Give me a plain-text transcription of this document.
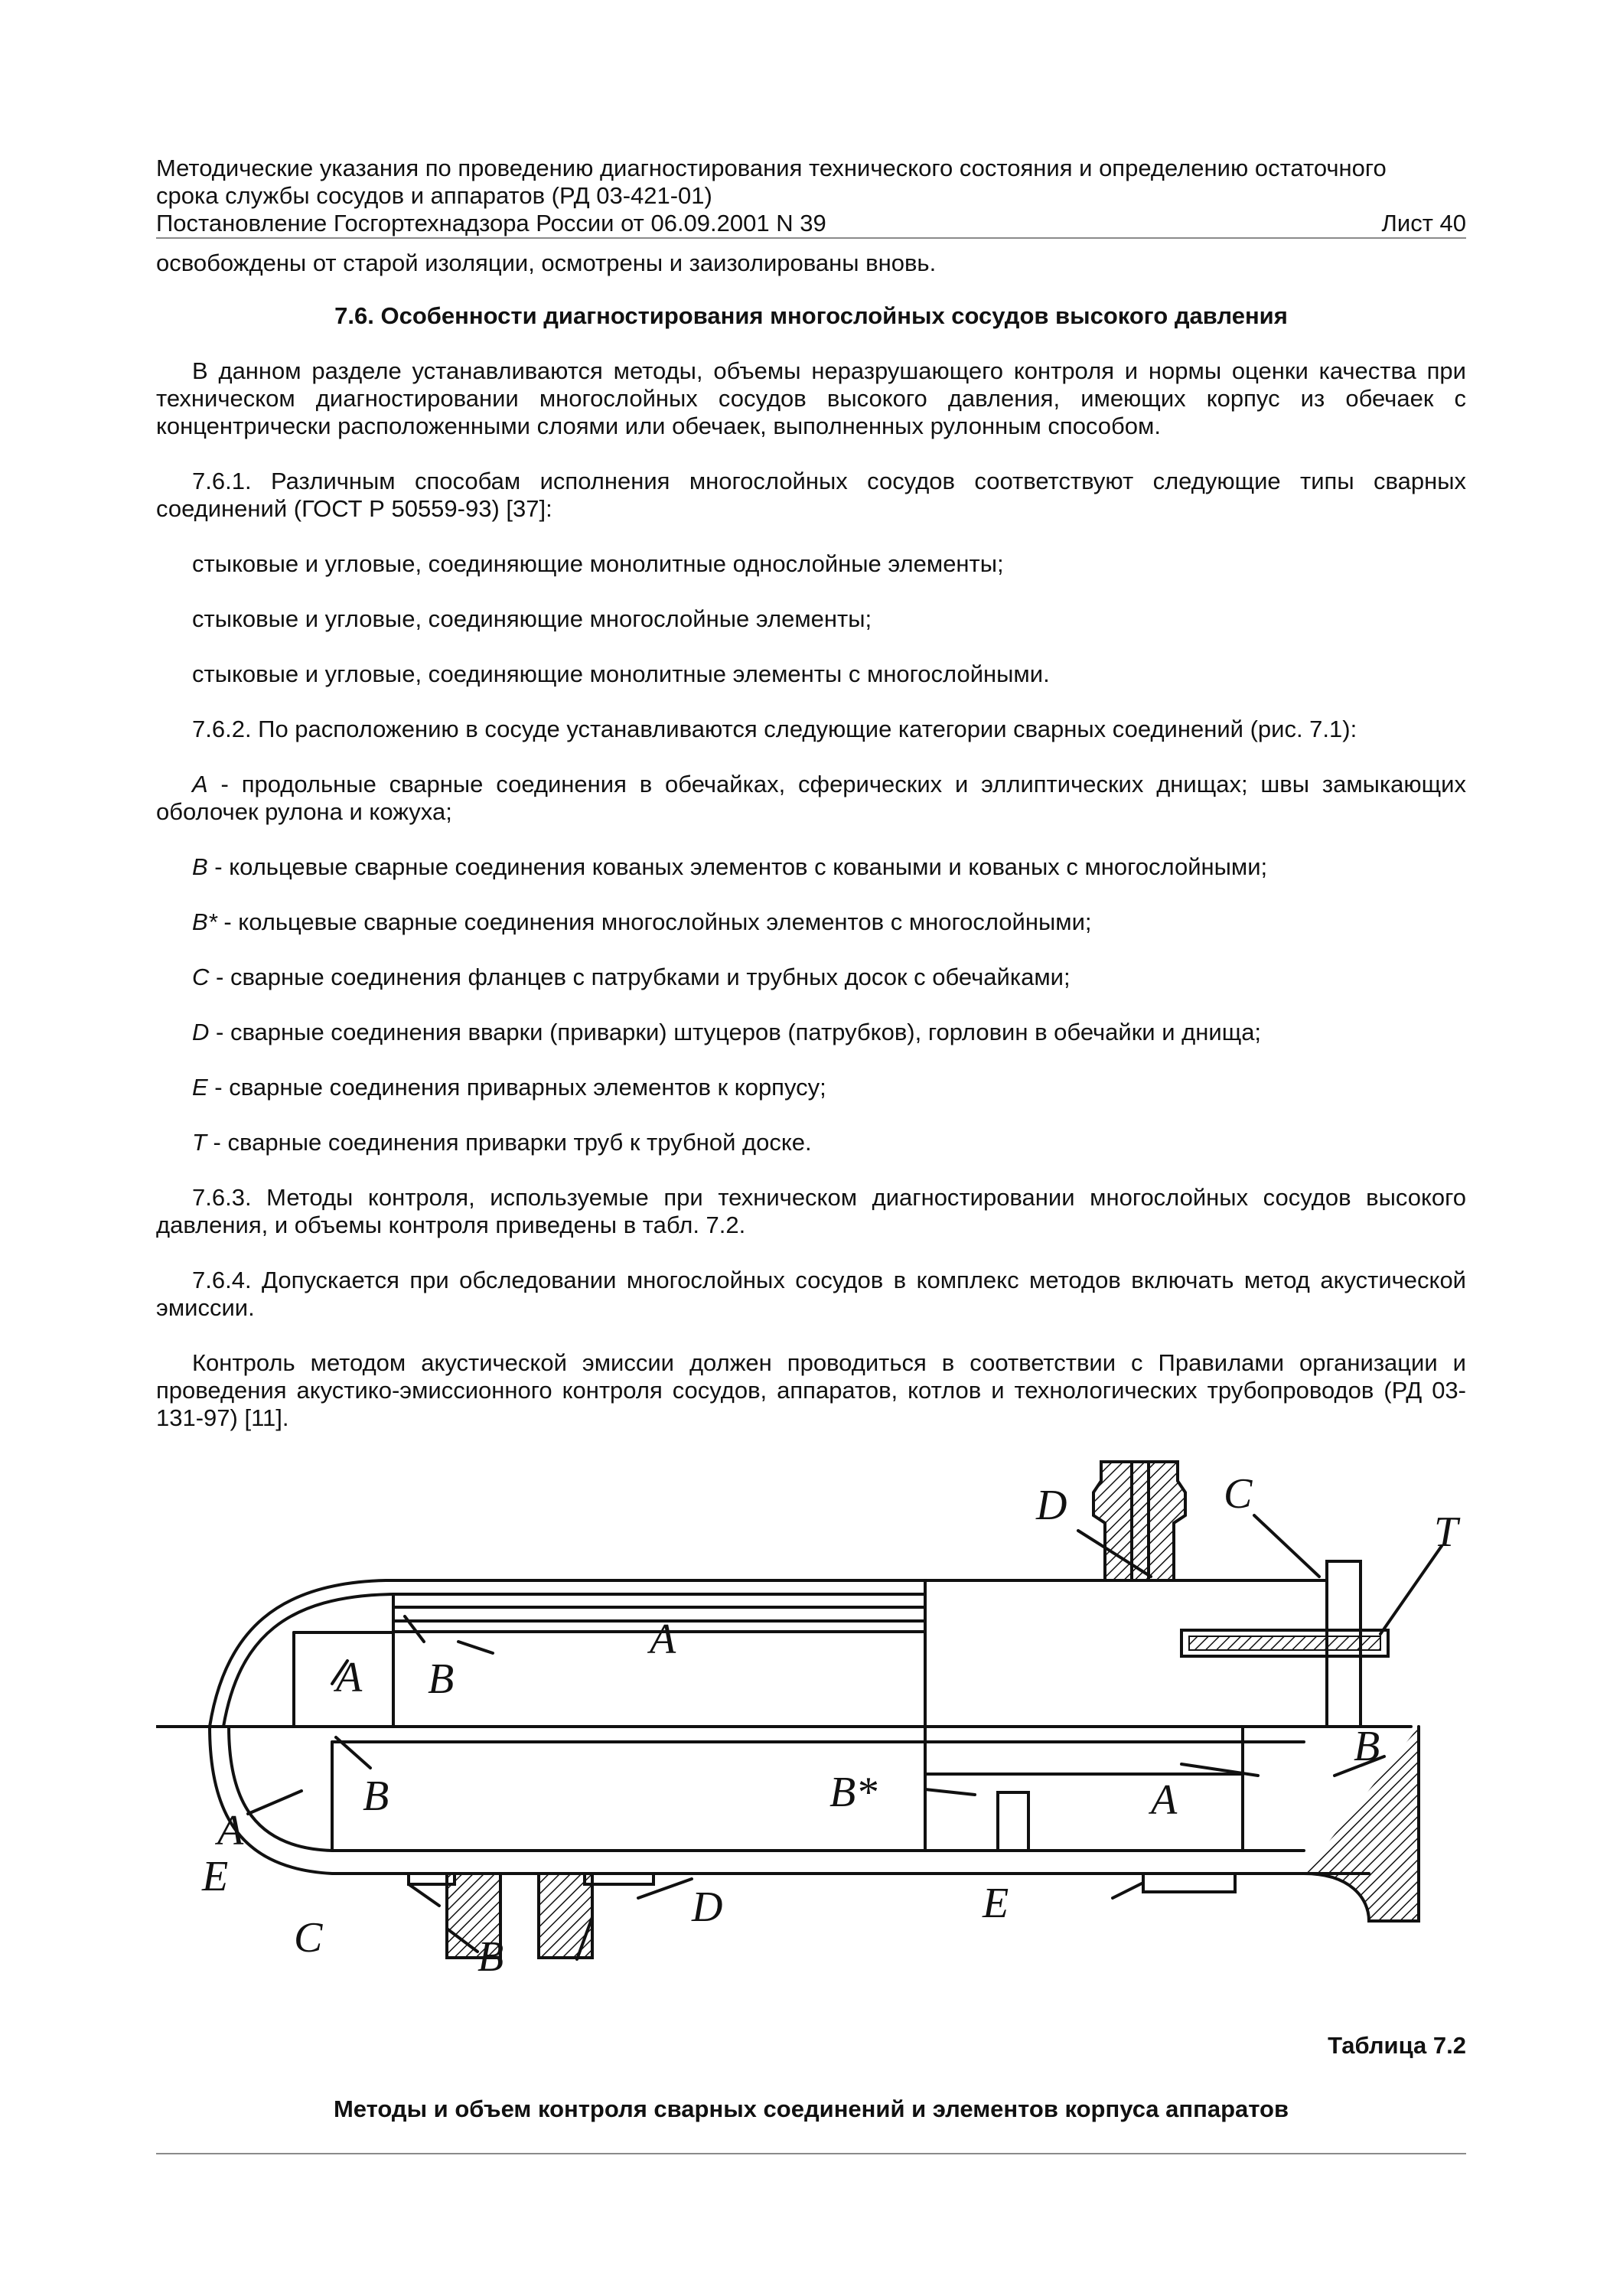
Методические указания по проведению диагностирования технического состояния и определению остаточного
срока службы сосудов и аппаратов (РД 03-421-01)
Постановление Госгортехнадзора России от 06.09.2001 N 39	Лист 40

освобождены от старой изоляции, осмотрены и заизолированы вновь.

7.6. Особенности диагностирования многослойных сосудов высокого давления

В данном разделе устанавливаются методы, объемы неразрушающего контроля и нормы оценки качества при техническом диагностировании многослойных сосудов высокого давления, имеющих корпус из обечаек с концентрически расположенными слоями или обечаек, выполненных рулонным способом.

7.6.1. Различным способам исполнения многослойных сосудов соответствуют следующие типы сварных соединений (ГОСТ Р 50559-93) [37]:

стыковые и угловые, соединяющие монолитные однослойные элементы;

стыковые и угловые, соединяющие многослойные элементы;

стыковые и угловые, соединяющие монолитные элементы с многослойными.

7.6.2. По расположению в сосуде устанавливаются следующие категории сварных соединений (рис. 7.1):

A - продольные сварные соединения в обечайках, сферических и эллиптических днищах; швы замыкающих оболочек рулона и кожуха;

B - кольцевые сварные соединения кованых элементов с коваными и кованых с многослойными;

B* - кольцевые сварные соединения многослойных элементов с многослойными;

C - сварные соединения фланцев с патрубками и трубных досок с обечайками;

D - сварные соединения вварки (приварки) штуцеров (патрубков), горловин в обечайки и днища;

E - сварные соединения приварных элементов к корпусу;

T - сварные соединения приварки труб к трубной доске.

7.6.3. Методы контроля, используемые при техническом диагностировании многослойных сосудов высокого давления, и объемы контроля приведены в табл. 7.2.

7.6.4. Допускается при обследовании многослойных сосудов в комплекс методов включать метод акустической эмиссии.

Контроль методом акустической эмиссии должен проводиться в соответствии с Правилами организации и проведения акустико-эмиссионного контроля сосудов, аппаратов, котлов и технологических трубопроводов (РД 03-131-97) [11].

D	C
T
A B
A
B
A
E
C	B
D
B*	A
E
B
Таблица 7.2
Методы и объем контроля сварных соединений и элементов корпуса аппаратов
